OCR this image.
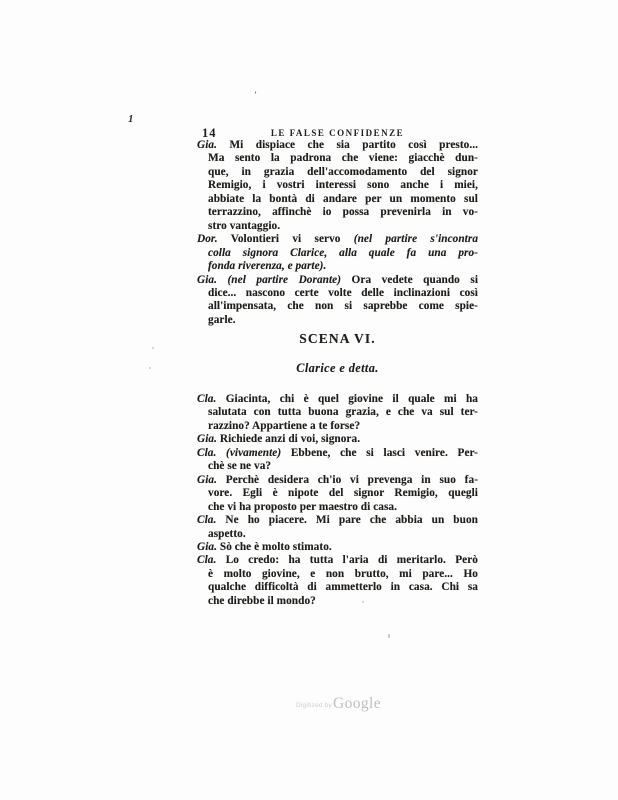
1
’
14	LE FALSE CONFIDENZE
Gia. Mi dispiace che sia partito così presto...
Ma sento la padrona che viene: giacchè dun-
que, in grazia dell'accomodamento del signor
Remigio, i vostri interessi sono anche i miei,
abbiate la bontà di andare per un momento sul
terrazzino, affinchè io possa prevenirla in vo-
stro vantaggio.
Dor. Volontieri vi servo (nel partire s'incontra
colla signora Clarice, alla quale fa una pro-
fonda riverenza, e parte).
Gia. (nel partire Dorante) Ora vedete quando si
dice... nascono certe volte delle inclinazioni così
all'impensata, che non si saprebbe come spie-
garle.
SCENA VI.
Clarice e detta.
Cla. Giacinta, chi è quel giovine il quale mi ha
salutata con tutta buona grazia, e che va sul ter-
razzino? Appartiene a te forse?
Gia. Richiede anzi di voi, signora.
Cla. (vivamente) Ebbene, che si lasci venire. Per-
chè se ne va?
Gia. Perchè desidera ch'io vi prevenga in suo fa-
vore. Egli è nipote del signor Remigio, quegli
che vi ha proposto per maestro di casa.
Cla. Ne ho piacere. Mi pare che abbia un buon
aspetto.
Gia. Sò che è molto stimato.
Cla. Lo credo: ha tutta l'aria di meritarlo. Però
è molto giovine, e non brutto, mi pare... Ho
qualche difficoltà di ammetterlo in casa. Chi sa
che direbbe il mondo?
Digitized by Google
